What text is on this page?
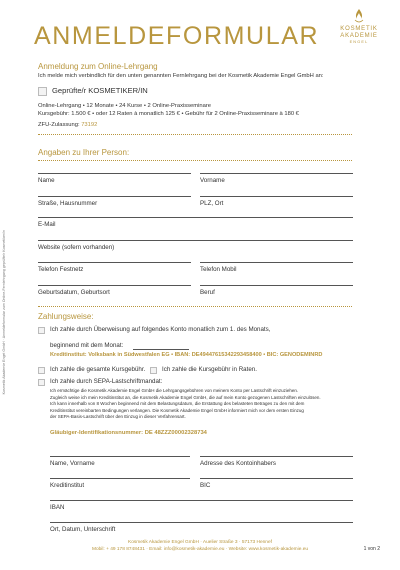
ANMELDEFORMULAR	KOSMETIK
AKADEMIE
ENGEL
Anmeldung zum Online-Lehrgang
Ich melde mich verbindlich für den unten genannten Fernlehrgang bei der Kosmetik Akademie Engel GmbH an:
Geprüfte/r KOSMETIKER/IN
Online-Lehrgang • 12 Monate • 24 Kurse • 2 Online-Praxisseminare
Kursgebühr: 1.500 € • oder 12 Raten à monatlich 125 € • Gebühr für 2 Online-Praxisseminare à 180 €
ZFU-Zulassung: 73192
Angaben zu Ihrer Person:
Name	Vorname
Straße, Hausnummer	PLZ, Ort
E-Mail
Website (sofern vorhanden)
Telefon Festnetz	Telefon Mobil
Geburtsdatum, Geburtsort	Beruf
Zahlungsweise:
Ich zahle durch Überweisung auf folgendes Konto monatlich zum 1. des Monats,
beginnend mit dem Monat:
Kreditinstitut: Volksbank in Südwestfalen EG • IBAN: DE49447615342293458400 • BIC: GENODEMINRD
Ich zahle die gesamte Kursgebühr.	Ich zahle die Kursgebühr in Raten.
Ich zahle durch SEPA-Lastschriftmandat:
Ich ermächtige die Kosmetik Akademie Engel GmbH die Lehrgangsgebühren von meinem Konto per Lastschrift einzuziehen.
Zugleich weise ich mein Kreditinstitut an, die Kosmetik Akademie Engel GmbH, die auf mein Konto gezogenen Lastschriften einzulösen.
Ich kann innerhalb von 8 Wochen beginnend mit dem Belastungsdatum, die Erstattung des belasteten Betrages zu den mit dem
Kreditinstitut vereinbarten Bedingungen verlangen. Die Kosmetik Akademie Engel GmbH informiert mich vor dem ersten Einzug
der SEPA-Basis-Lastschrift über den Einzug in dieser Verfahrensart.
Gläubiger-Identifikationsnummer: DE 48ZZZ00002328734
Name, Vorname	Adresse des Kontoinhabers
Kreditinstitut	BIC
IBAN
Ort, Datum, Unterschrift
Kosmetik Akademie Engel GmbH · Auelier Straße 3 · 57173 Hennef
Mobil: + 49 178 8748431 · Email: info@kosmetik-akademie.eu · Website: www.kosmetik-akademie.eu	1 von 2
Kosmetik Akademie Engel GmbH · Anmeldeformular zum Online-Fernlehrgang geprüfte/r Kosmetiker/in
